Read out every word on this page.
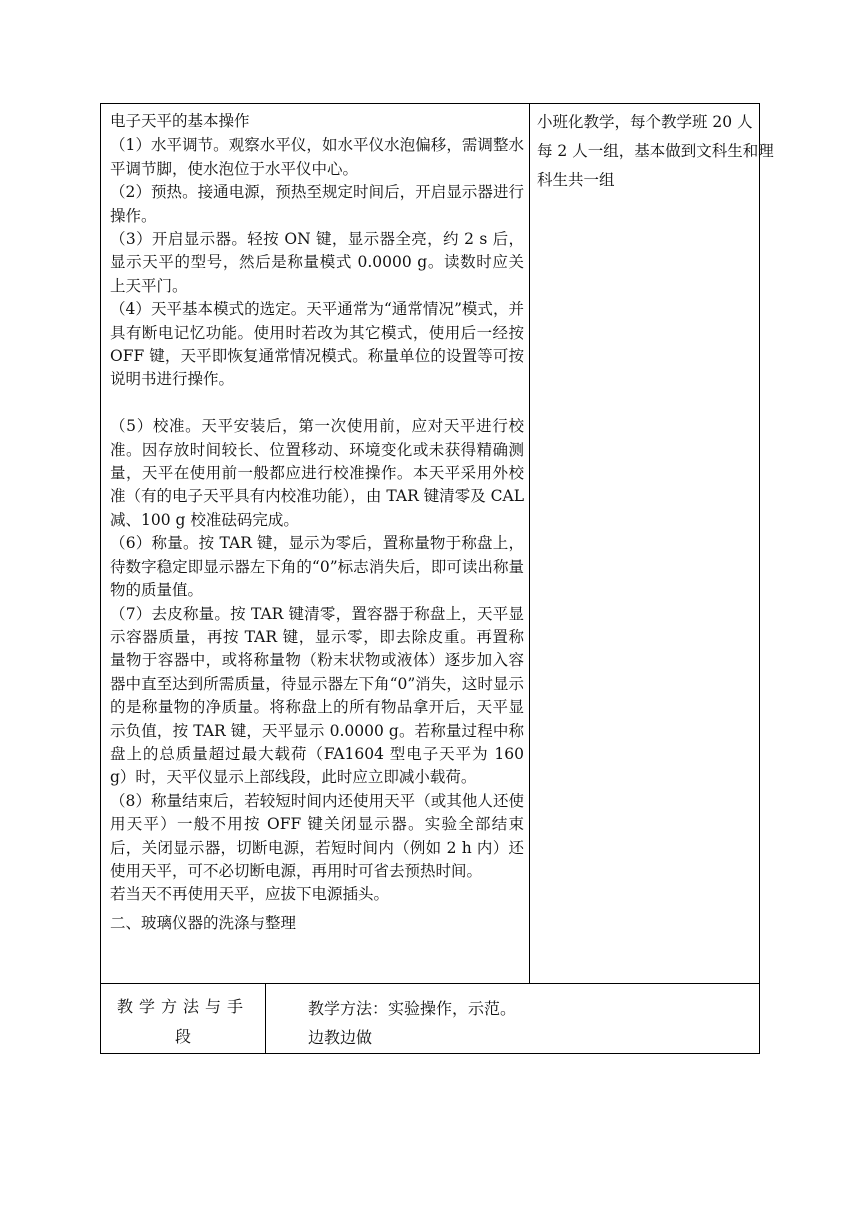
电子天平的基本操作

（1）水平调节。观察水平仪，如水平仪水泡偏移，需调整水平调节脚，使水泡位于水平仪中心。

（2）预热。接通电源，预热至规定时间后，开启显示器进行操作。

（3）开启显示器。轻按 ON 键，显示器全亮，约 2 s 后，显示天平的型号，然后是称量模式 0.0000 g。读数时应关上天平门。

（4）天平基本模式的选定。天平通常为“通常情况”模式，并具有断电记忆功能。使用时若改为其它模式，使用后一经按 OFF 键，天平即恢复通常情况模式。称量单位的设置等可按说明书进行操作。

（5）校准。天平安装后，第一次使用前，应对天平进行校准。因存放时间较长、位置移动、环境变化或未获得精确测量，天平在使用前一般都应进行校准操作。本天平采用外校准（有的电子天平具有内校准功能），由 TAR 键清零及 CAL 减、100 g 校准砝码完成。

（6）称量。按 TAR 键，显示为零后，置称量物于称盘上，待数字稳定即显示器左下角的“0”标志消失后，即可读出称量物的质量值。

（7）去皮称量。按 TAR 键清零，置容器于称盘上，天平显示容器质量，再按 TAR 键，显示零，即去除皮重。再置称量物于容器中，或将称量物（粉末状物或液体）逐步加入容器中直至达到所需质量，待显示器左下角“0”消失，这时显示的是称量物的净质量。将称盘上的所有物品拿开后，天平显示负值，按 TAR 键，天平显示 0.0000 g。若称量过程中称盘上的总质量超过最大载荷（FA1604 型电子天平为 160 g）时，天平仪显示上部线段，此时应立即减小载荷。

（8）称量结束后，若较短时间内还使用天平（或其他人还使用天平）一般不用按 OFF 键关闭显示器。实验全部结束后，关闭显示器，切断电源，若短时间内（例如 2 h 内）还使用天平，可不必切断电源，再用时可省去预热时间。

若当天不再使用天平，应拔下电源插头。

二、玻璃仪器的洗涤与整理

小班化教学，每个教学班 20 人

每 2 人一组，基本做到文科生和理科生共一组

教学方法与手
段

教学方法：实验操作，示范。

边教边做
